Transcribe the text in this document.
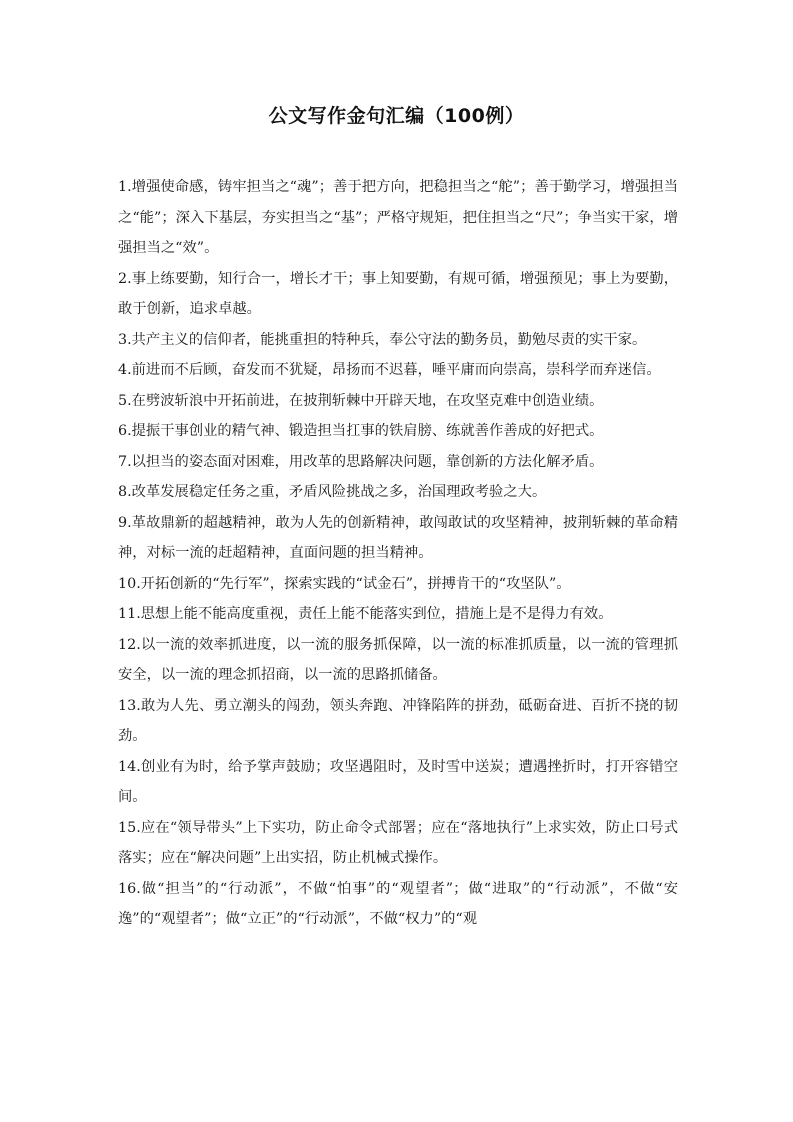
公文写作金句汇编（100例）

1.增强使命感，铸牢担当之“魂”；善于把方向，把稳担当之“舵”；善于勤学习，增强担当之“能”；深入下基层，夯实担当之“基”；严格守规矩，把住担当之“尺”；争当实干家，增强担当之“效”。

2.事上练要勤，知行合一，增长才干；事上知要勤，有规可循，增强预见；事上为要勤，敢于创新，追求卓越。

3.共产主义的信仰者，能挑重担的特种兵，奉公守法的勤务员，勤勉尽责的实干家。

4.前进而不后顾，奋发而不犹疑，昂扬而不迟暮，唾平庸而向崇高，崇科学而弃迷信。

5.在劈波斩浪中开拓前进，在披荆斩棘中开辟天地，在攻坚克难中创造业绩。

6.提振干事创业的精气神、锻造担当扛事的铁肩膀、练就善作善成的好把式。

7.以担当的姿态面对困难，用改革的思路解决问题，靠创新的方法化解矛盾。

8.改革发展稳定任务之重，矛盾风险挑战之多，治国理政考验之大。

9.革故鼎新的超越精神，敢为人先的创新精神，敢闯敢试的攻坚精神，披荆斩棘的革命精神，对标一流的赶超精神，直面问题的担当精神。

10.开拓创新的“先行军”，探索实践的“试金石”，拼搏肯干的“攻坚队”。

11.思想上能不能高度重视，责任上能不能落实到位，措施上是不是得力有效。

12.以一流的效率抓进度，以一流的服务抓保障，以一流的标准抓质量，以一流的管理抓安全，以一流的理念抓招商，以一流的思路抓储备。

13.敢为人先、勇立潮头的闯劲，领头奔跑、冲锋陷阵的拼劲，砥砺奋进、百折不挠的韧劲。

14.创业有为时，给予掌声鼓励；攻坚遇阻时，及时雪中送炭；遭遇挫折时，打开容错空间。

15.应在“领导带头”上下实功，防止命令式部署；应在“落地执行”上求实效，防止口号式落实；应在“解决问题”上出实招，防止机械式操作。

16.做“担当”的“行动派”，不做“怕事”的“观望者”；做“进取”的“行动派”，不做“安逸”的“观望者”；做“立正”的“行动派”，不做“权力”的“观
